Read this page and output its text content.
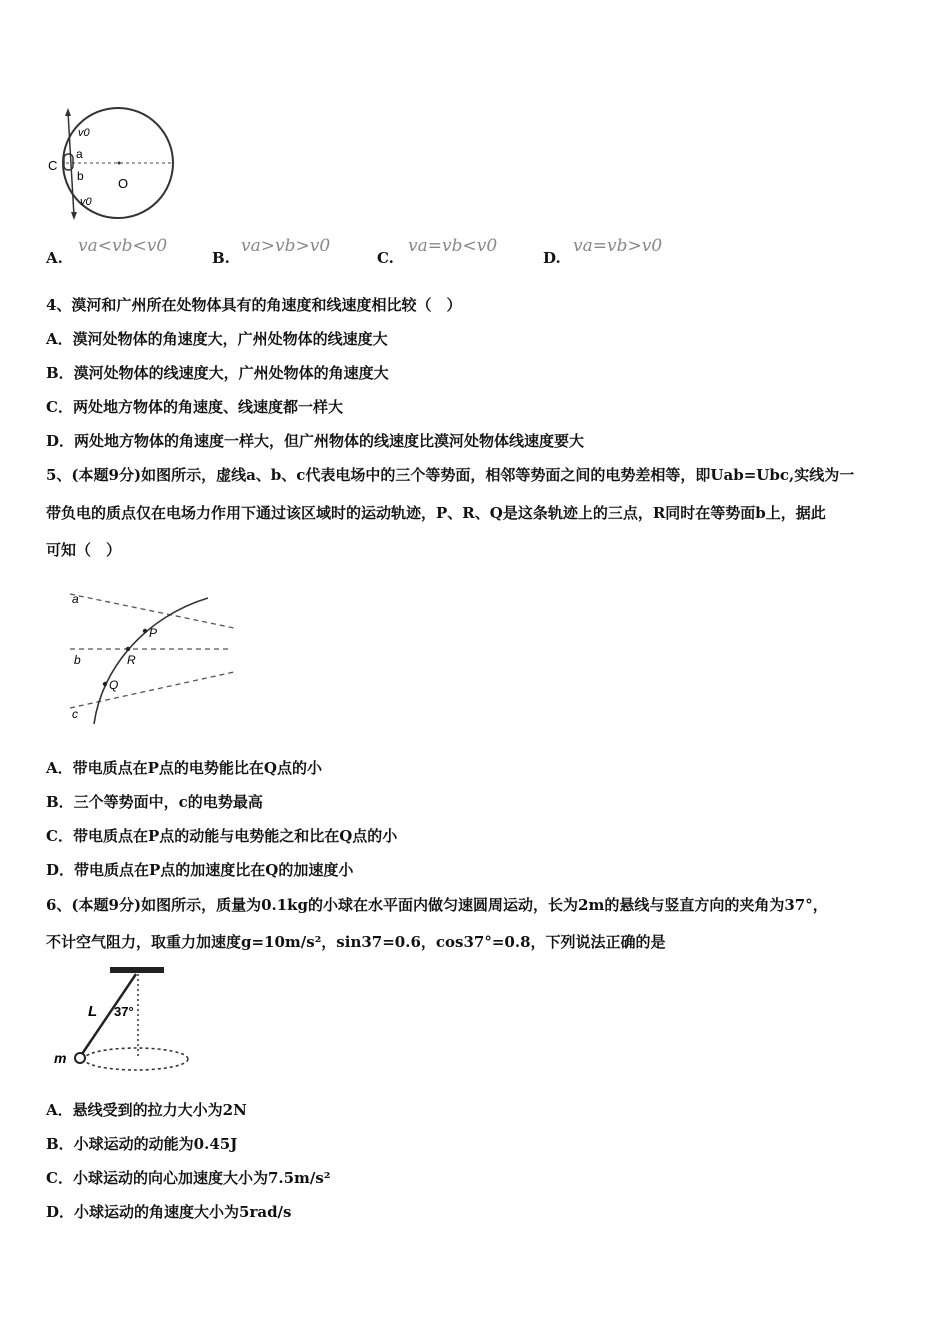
v0
C
a
b	O
v0
A.
va<vb<v0
B.
va>vb>v0
C.
va=vb<v0
D.
va=vb>v0
4、漠河和广州所在处物体具有的角速度和线速度相比较（　）
A．漠河处物体的角速度大，广州处物体的线速度大
B．漠河处物体的线速度大，广州处物体的角速度大
C．两处地方物体的角速度、线速度都一样大
D．两处地方物体的角速度一样大，但广州物体的线速度比漠河处物体线速度要大
5、(本题9分)如图所示，虚线a、b、c代表电场中的三个等势面，相邻等势面之间的电势差相等，即Uab=Ubc,实线为一
带负电的质点仅在电场力作用下通过该区域时的运动轨迹，P、R、Q是这条轨迹上的三点，R同时在等势面b上，据此
可知（　）
a
b
c
P
R
Q
A．带电质点在P点的电势能比在Q点的小
B．三个等势面中，c的电势最高
C．带电质点在P点的动能与电势能之和比在Q点的小
D．带电质点在P点的加速度比在Q的加速度小
6、(本题9分)如图所示，质量为0.1kg的小球在水平面内做匀速圆周运动，长为2m的悬线与竖直方向的夹角为37°，
不计空气阻力，取重力加速度g=10m/s²，sin37=0.6，cos37°=0.8，下列说法正确的是
L 37°
m
A．悬线受到的拉力大小为2N
B．小球运动的动能为0.45J
C．小球运动的向心加速度大小为7.5m/s²
D．小球运动的角速度大小为5rad/s
